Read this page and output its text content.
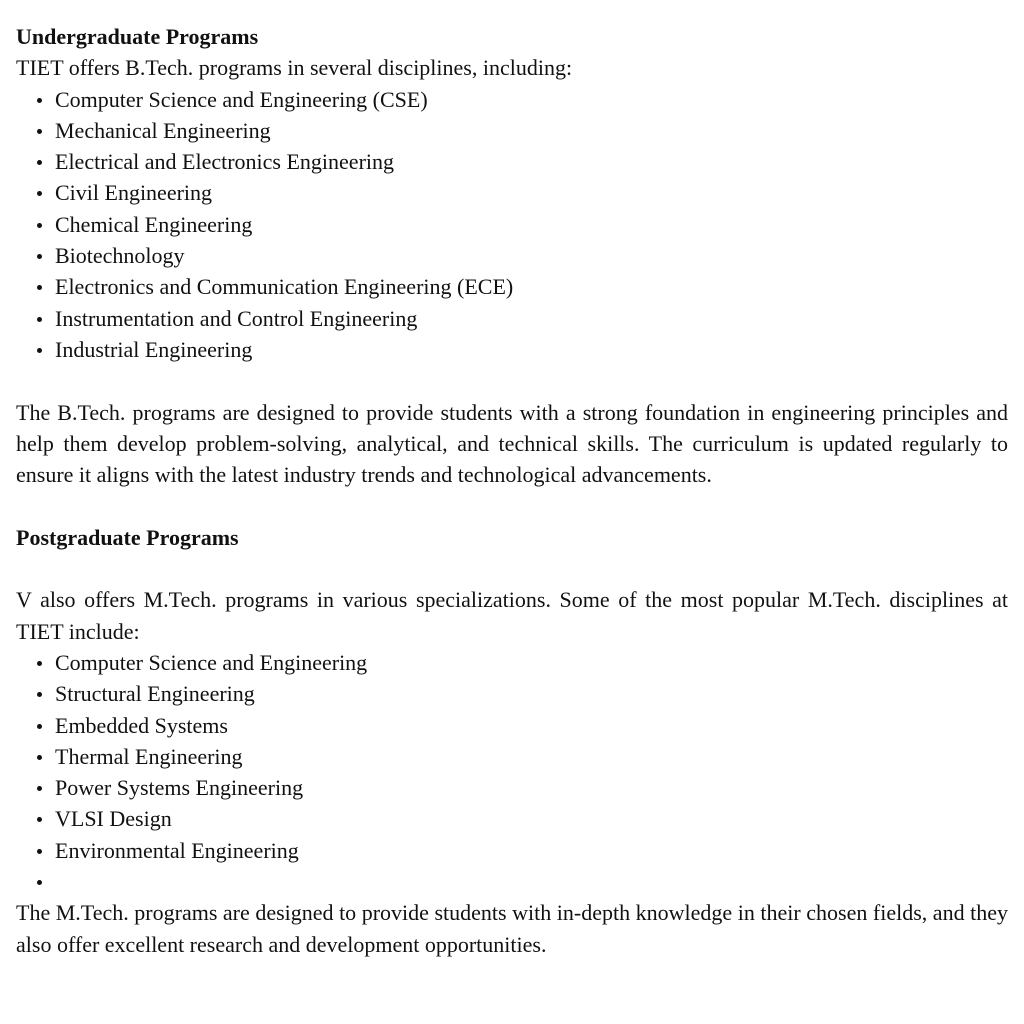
Undergraduate Programs

TIET offers B.Tech. programs in several disciplines, including:

Computer Science and Engineering (CSE)
Mechanical Engineering
Electrical and Electronics Engineering
Civil Engineering
Chemical Engineering
Biotechnology
Electronics and Communication Engineering (ECE)
Instrumentation and Control Engineering
Industrial Engineering

The B.Tech. programs are designed to provide students with a strong foundation in engineering principles and help them develop problem-solving, analytical, and technical skills. The curriculum is updated regularly to ensure it aligns with the latest industry trends and technological advancements.

Postgraduate Programs

V also offers M.Tech. programs in various specializations. Some of the most popular M.Tech. disciplines at TIET include:

Computer Science and Engineering
Structural Engineering
Embedded Systems
Thermal Engineering
Power Systems Engineering
VLSI Design
Environmental Engineering

The M.Tech. programs are designed to provide students with in-depth knowledge in their chosen fields, and they also offer excellent research and development opportunities.
